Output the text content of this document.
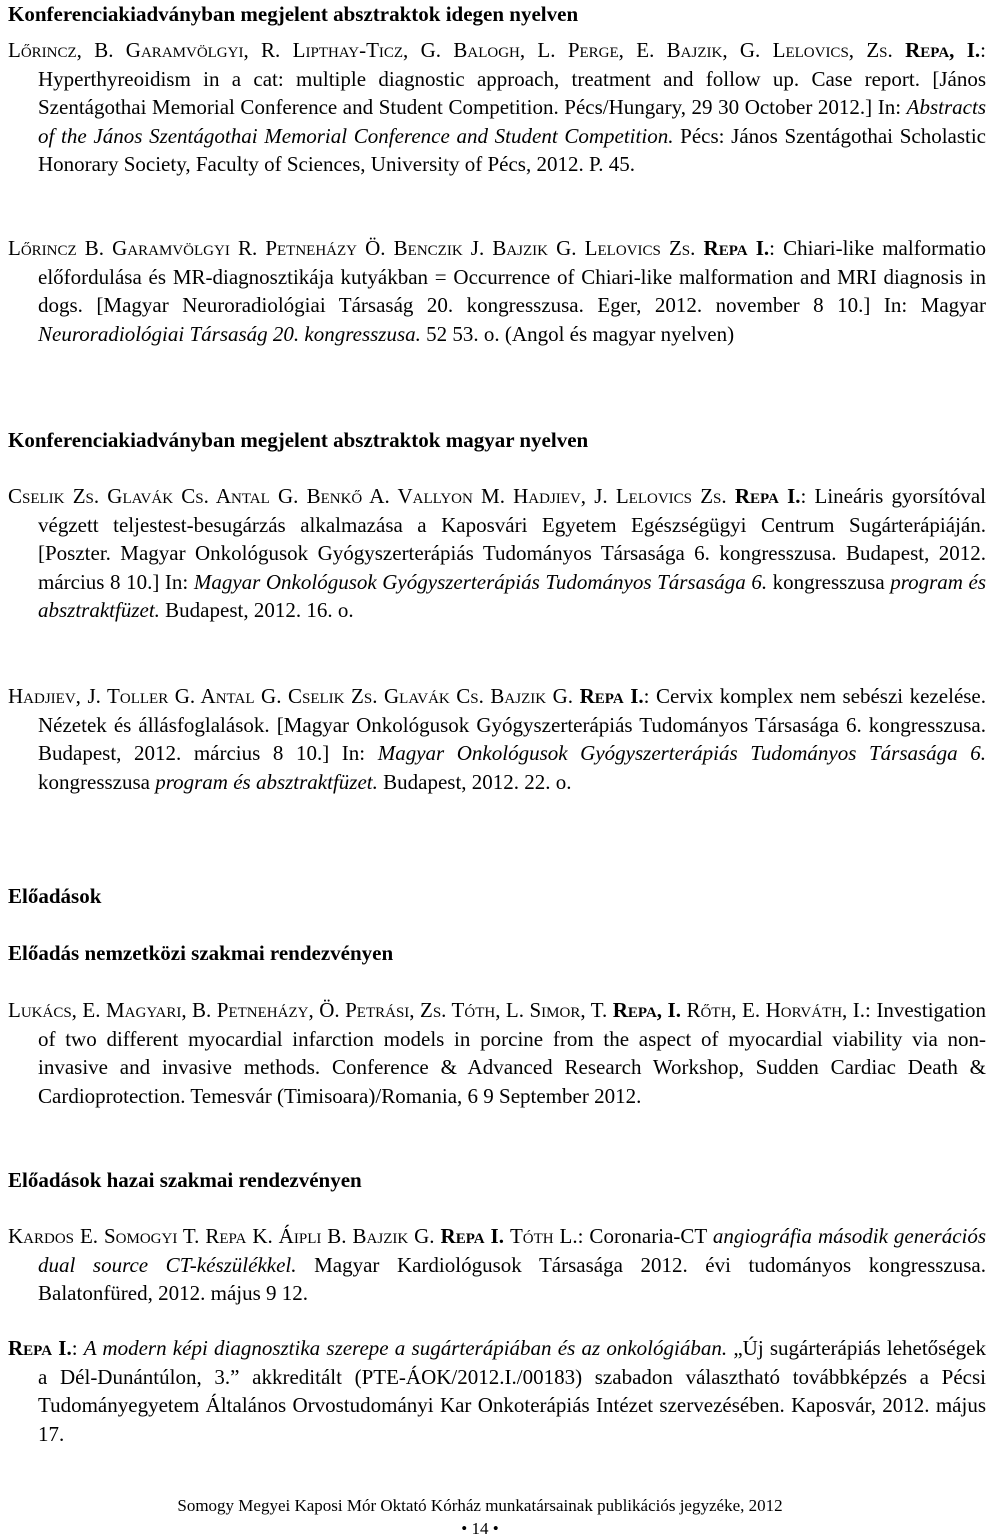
Konferenciakiadványban megjelent absztraktok idegen nyelven

Lőrincz, B. Garamvölgyi, R. Lipthay-Ticz, G. Balogh, L. Perge, E. Bajzik, G. Lelovics, Zs. Repa, I.: Hyperthyreoidism in a cat: multiple diagnostic approach, treatment and follow up. Case report. [János Szentágothai Memorial Conference and Student Competition. Pécs/Hungary, 29 30 October 2012.] In: Abstracts of the János Szentágothai Memorial Conference and Student Competition. Pécs: János Szentágothai Scholastic Honorary Society, Faculty of Sciences, University of Pécs, 2012. P. 45.

Lőrincz B. Garamvölgyi R. Petneházy Ö. Benczik J. Bajzik G. Lelovics Zs. Repa I.: Chiari-like malformatio előfordulása és MR-diagnosztikája kutyákban = Occurrence of Chiari-like malformation and MRI diagnosis in dogs. [Magyar Neuroradiológiai Társaság 20. kongresszusa. Eger, 2012. november 8 10.] In: Magyar Neuroradiológiai Társaság 20. kongresszusa. 52 53. o. (Angol és magyar nyelven)

Konferenciakiadványban megjelent absztraktok magyar nyelven

Cselik Zs. Glavák Cs. Antal G. Benkő A. Vallyon M. Hadjiev, J. Lelovics Zs. Repa I.: Lineáris gyorsítóval végzett teljestest-besugárzás alkalmazása a Kaposvári Egyetem Egészségügyi Centrum Sugárterápiáján. [Poszter. Magyar Onkológusok Gyógyszerterápiás Tudományos Társasága 6. kongresszusa. Budapest, 2012. március 8 10.] In: Magyar Onkológusok Gyógyszerterápiás Tudományos Társasága 6. kongresszusa program és absztraktfüzet. Budapest, 2012. 16. o.

Hadjiev, J. Toller G. Antal G. Cselik Zs. Glavák Cs. Bajzik G. Repa I.: Cervix komplex nem sebészi kezelése. Nézetek és állásfoglalások. [Magyar Onkológusok Gyógyszerterápiás Tudományos Társasága 6. kongresszusa. Budapest, 2012. március 8 10.] In: Magyar Onkológusok Gyógyszerterápiás Tudományos Társasága 6. kongresszusa program és absztraktfüzet. Budapest, 2012. 22. o.

Előadások
Előadás nemzetközi szakmai rendezvényen

Lukács, E. Magyari, B. Petneházy, Ö. Petrási, Zs. Tóth, L. Simor, T. Repa, I. Rőth, E. Horváth, I.: Investigation of two different myocardial infarction models in porcine from the aspect of myocardial viability via non-invasive and invasive methods. Conference & Advanced Research Workshop, Sudden Cardiac Death & Cardioprotection. Temesvár (Timisoara)/Romania, 6 9 September 2012.

Előadások hazai szakmai rendezvényen

Kardos E. Somogyi T. Repa K. Áipli B. Bajzik G. Repa I. Tóth L.: Coronaria-CT angiográfia második generációs dual source CT-készülékkel. Magyar Kardiológusok Társasága 2012. évi tudományos kongresszusa. Balatonfüred, 2012. május 9 12.

Repa I.: A modern képi diagnosztika szerepe a sugárterápiában és az onkológiában. „Új sugárterápiás lehetőségek a Dél-Dunántúlon, 3.” akkreditált (PTE-ÁOK/2012.I./00183) szabadon választható továbbképzés a Pécsi Tudományegyetem Általános Orvostudományi Kar Onkoterápiás Intézet szervezésében. Kaposvár, 2012. május 17.

Somogy Megyei Kaposi Mór Oktató Kórház munkatársainak publikációs jegyzéke, 2012
• 14 •
